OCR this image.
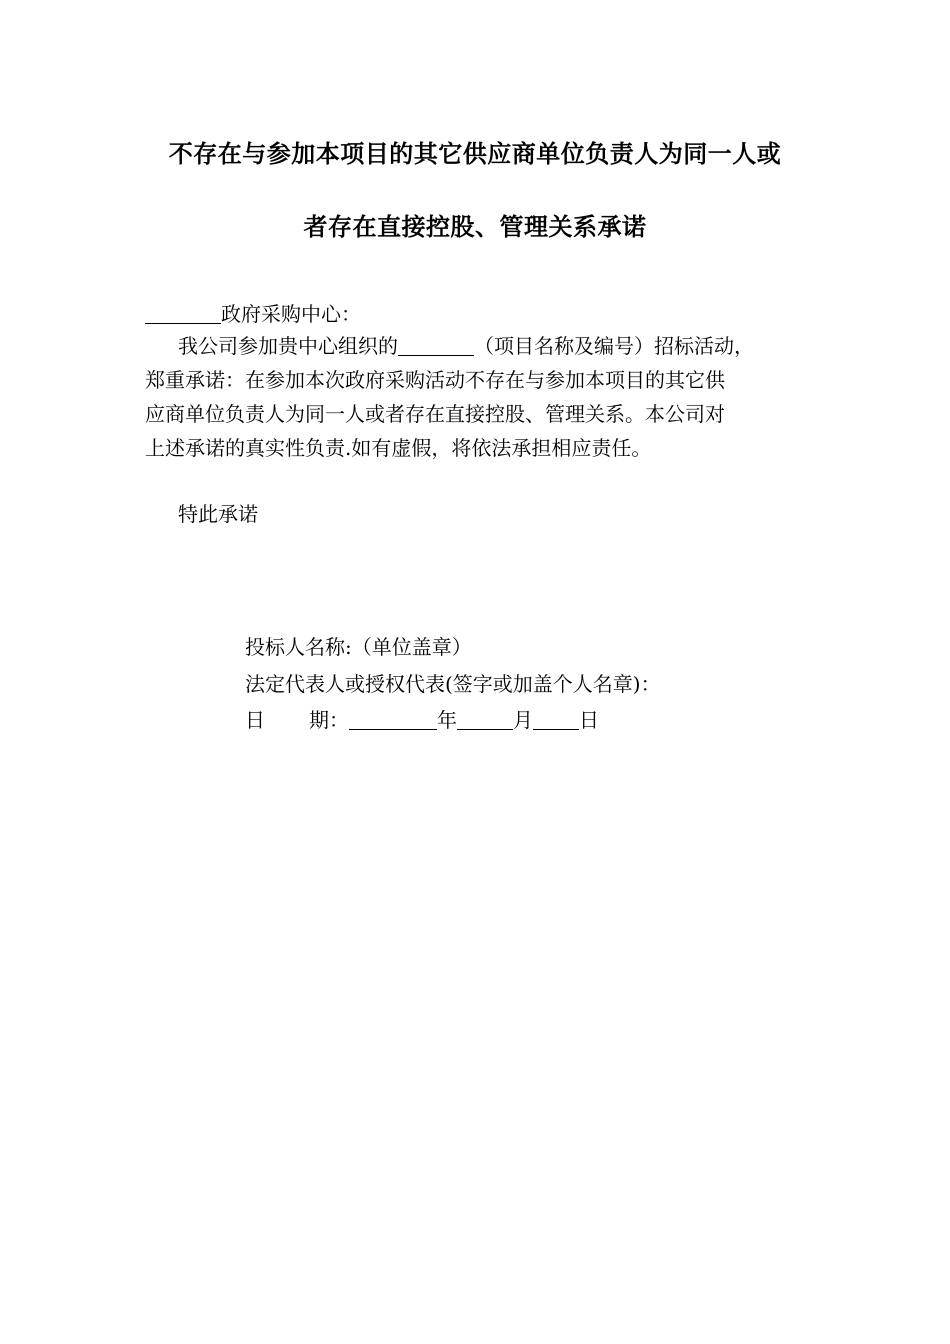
不存在与参加本项目的其它供应商单位负责人为同一人或
者存在直接控股、管理关系承诺
政府采购中心：
我公司参加贵中心组织的	（项目名称及编号）招标活动，
郑重承诺：在参加本次政府采购活动不存在与参加本项目的其它供
应商单位负责人为同一人或者存在直接控股、管理关系。本公司对
上述承诺的真实性负责.如有虚假，将依法承担相应责任。
特此承诺
投标人名称:（单位盖章）
法定代表人或授权代表(签字或加盖个人名章)：
日 期：	年	月 日
